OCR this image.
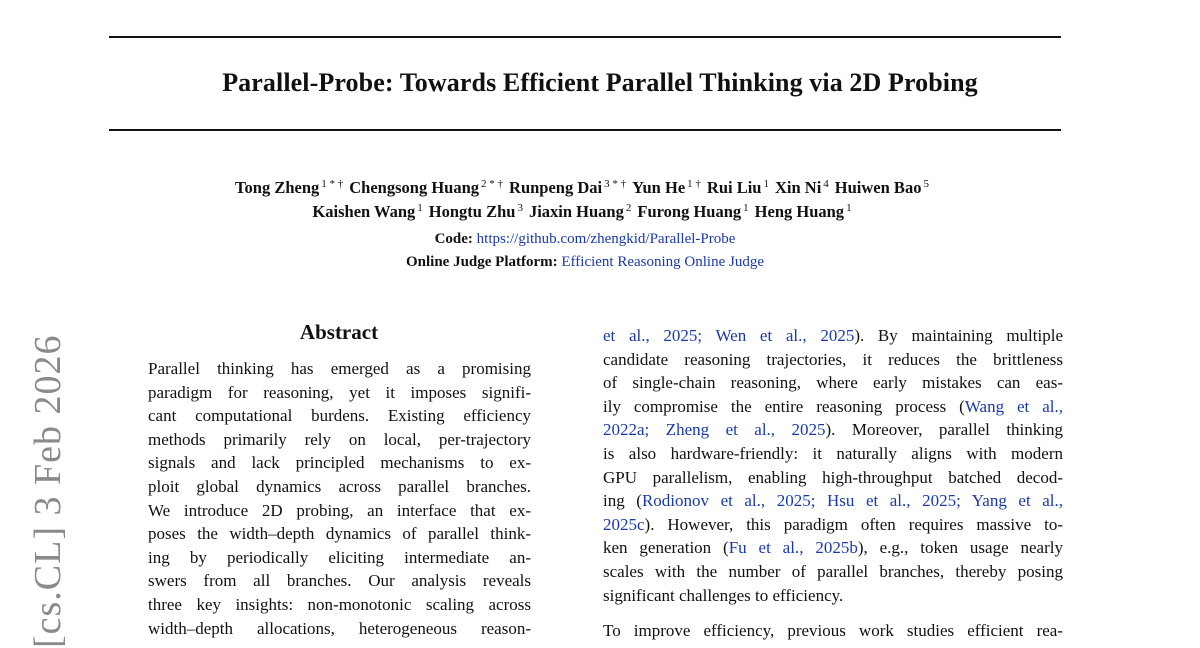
Parallel-Probe: Towards Efficient Parallel Thinking via 2D Probing
Tong Zheng $^{1 * \dagger}$ Chengsong Huang $^{2 * \dagger}$ Runpeng Dai $^{3 * \dagger}$ Yun He $^{1 \dagger}$ Rui Liu $^1$ Xin Ni $^4$ Huiwen Bao $^5$
Kaishen Wang $^1$ Hongtu Zhu $^3$ Jiaxin Huang $^2$ Furong Huang $^1$ Heng Huang $^1$
Code: https://github.com/zhengkid/Parallel-Probe
Online Judge Platform: Efficient Reasoning Online Judge
[cs.CL] 3 Feb 2026
Abstract
Parallel thinking has emerged as a promising
paradigm for reasoning, yet it imposes signifi-
cant computational burdens. Existing efficiency
methods primarily rely on local, per-trajectory
signals and lack principled mechanisms to ex-
ploit global dynamics across parallel branches.
We introduce 2D probing, an interface that ex-
poses the width–depth dynamics of parallel think-
ing by periodically eliciting intermediate an-
swers from all branches. Our analysis reveals
three key insights: non-monotonic scaling across
width–depth allocations, heterogeneous reason-
et al., 2025; Wen et al., 2025). By maintaining multiple
candidate reasoning trajectories, it reduces the brittleness
of single-chain reasoning, where early mistakes can eas-
ily compromise the entire reasoning process (Wang et al.,
2022a; Zheng et al., 2025). Moreover, parallel thinking
is also hardware-friendly: it naturally aligns with modern
GPU parallelism, enabling high-throughput batched decod-
ing (Rodionov et al., 2025; Hsu et al., 2025; Yang et al.,
2025c). However, this paradigm often requires massive to-
ken generation (Fu et al., 2025b), e.g., token usage nearly
scales with the number of parallel branches, thereby posing
significant challenges to efficiency.
To improve efficiency, previous work studies efficient rea-
